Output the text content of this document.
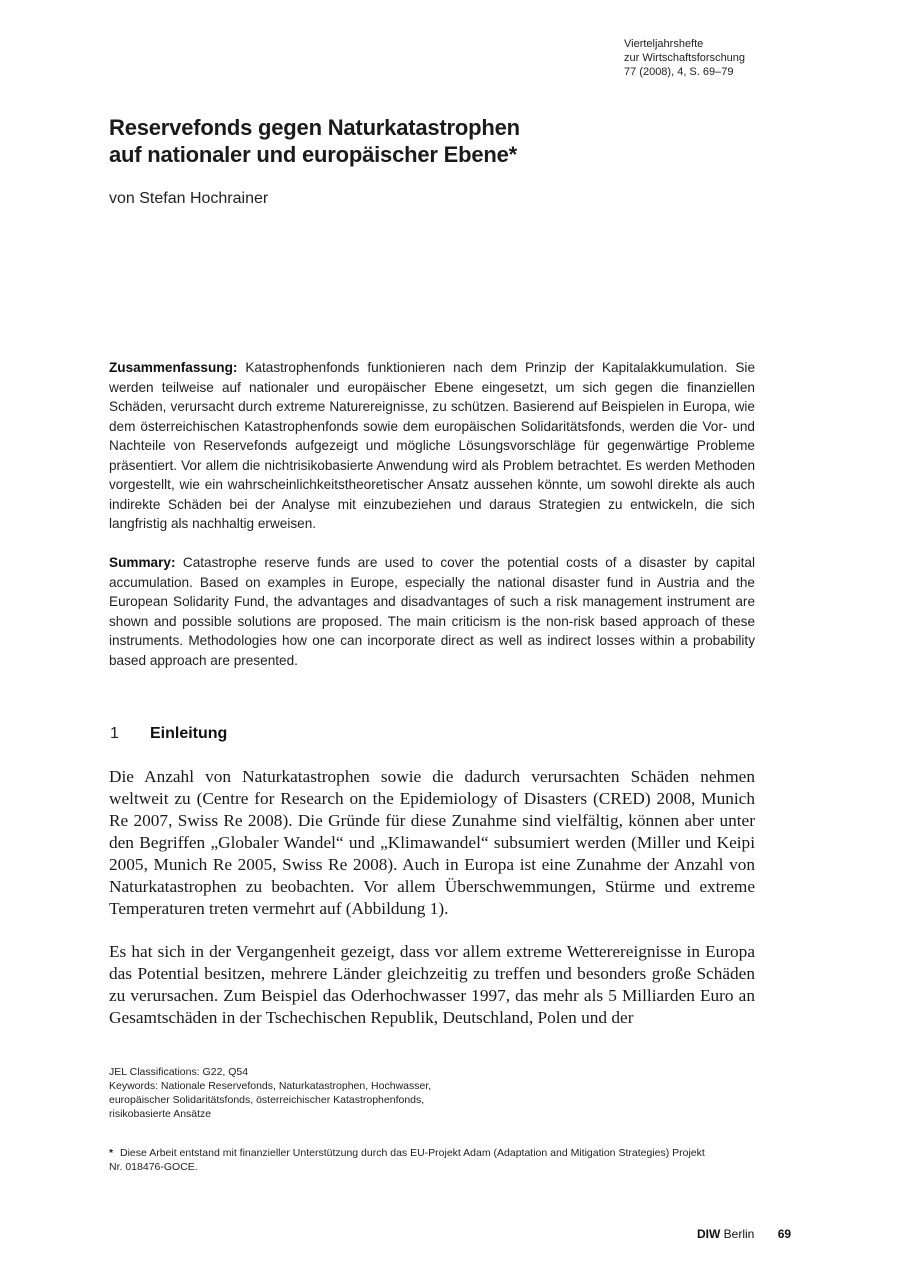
Vierteljahrshefte
zur Wirtschaftsforschung
77 (2008), 4, S. 69–79
Reservefonds gegen Naturkatastrophen
auf nationaler und europäischer Ebene*
von Stefan Hochrainer
Zusammenfassung: Katastrophenfonds funktionieren nach dem Prinzip der Kapitalakkumulation. Sie werden teilweise auf nationaler und europäischer Ebene eingesetzt, um sich gegen die finanziellen Schäden, verursacht durch extreme Naturereignisse, zu schützen. Basierend auf Beispielen in Europa, wie dem österreichischen Katastrophenfonds sowie dem europäischen Solidaritätsfonds, werden die Vor- und Nachteile von Reservefonds aufgezeigt und mögliche Lösungsvorschläge für gegenwärtige Probleme präsentiert. Vor allem die nichtrisikobasierte Anwendung wird als Problem betrachtet. Es werden Methoden vorgestellt, wie ein wahrscheinlichkeitstheoretischer Ansatz aussehen könnte, um sowohl direkte als auch indirekte Schäden bei der Analyse mit einzubeziehen und daraus Strategien zu entwickeln, die sich langfristig als nachhaltig erweisen.
Summary: Catastrophe reserve funds are used to cover the potential costs of a disaster by capital accumulation. Based on examples in Europe, especially the national disaster fund in Austria and the European Solidarity Fund, the advantages and disadvantages of such a risk management instrument are shown and possible solutions are proposed. The main criticism is the non-risk based approach of these instruments. Methodologies how one can incorporate direct as well as indirect losses within a probability based approach are presented.
1 Einleitung

Die Anzahl von Naturkatastrophen sowie die dadurch verursachten Schäden nehmen weltweit zu (Centre for Research on the Epidemiology of Disasters (CRED) 2008, Munich Re 2007, Swiss Re 2008). Die Gründe für diese Zunahme sind vielfältig, können aber unter den Begriffen „Globaler Wandel“ und „Klimawandel“ subsumiert werden (Miller und Keipi 2005, Munich Re 2005, Swiss Re 2008). Auch in Europa ist eine Zunahme der Anzahl von Naturkatastrophen zu beobachten. Vor allem Überschwemmungen, Stürme und extreme Temperaturen treten vermehrt auf (Abbildung 1).

Es hat sich in der Vergangenheit gezeigt, dass vor allem extreme Wetterereignisse in Europa das Potential besitzen, mehrere Länder gleichzeitig zu treffen und besonders große Schäden zu verursachen. Zum Beispiel das Oderhochwasser 1997, das mehr als 5 Milliarden Euro an Gesamtschäden in der Tschechischen Republik, Deutschland, Polen und der

JEL Classifications: G22, Q54
Keywords: Nationale Reservefonds, Naturkatastrophen, Hochwasser,
europäischer Solidaritätsfonds, österreichischer Katastrophenfonds,
risikobasierte Ansätze
* Diese Arbeit entstand mit finanzieller Unterstützung durch das EU-Projekt Adam (Adaptation and Mitigation Strategies) Projekt Nr. 018476-GOCE.
DIW Berlin 69
